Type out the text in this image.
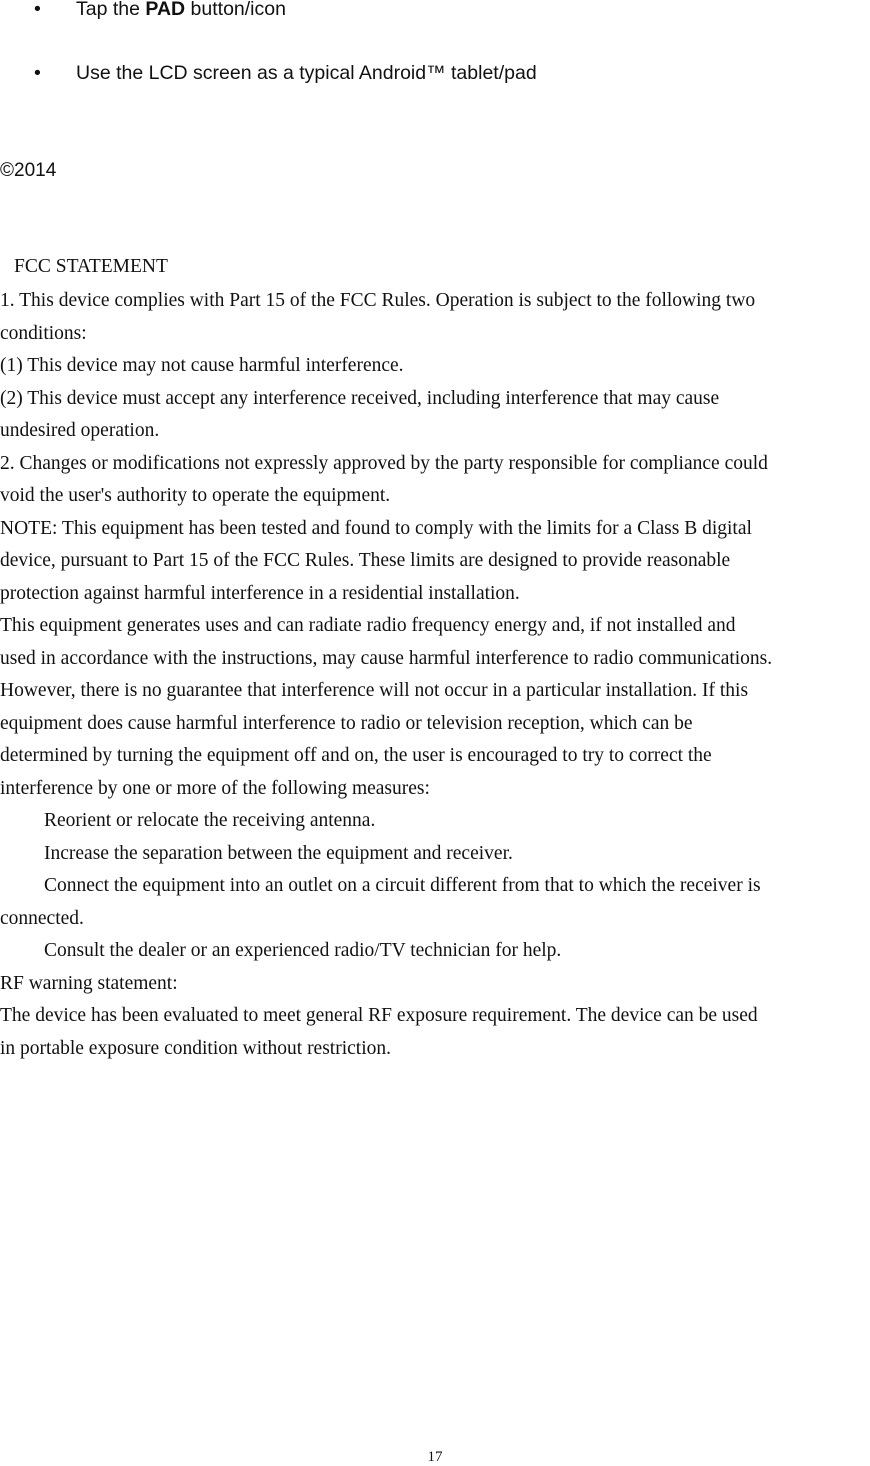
• Tap the PAD button/icon
• Use the LCD screen as a typical Android™ tablet/pad
©2014
FCC STATEMENT
1. This device complies with Part 15 of the FCC Rules. Operation is subject to the following two
conditions:
(1) This device may not cause harmful interference.
(2) This device must accept any interference received, including interference that may cause
undesired operation.
2. Changes or modifications not expressly approved by the party responsible for compliance could
void the user's authority to operate the equipment.
NOTE: This equipment has been tested and found to comply with the limits for a Class B digital
device, pursuant to Part 15 of the FCC Rules. These limits are designed to provide reasonable
protection against harmful interference in a residential installation.
This equipment generates uses and can radiate radio frequency energy and, if not installed and
used in accordance with the instructions, may cause harmful interference to radio communications.
However, there is no guarantee that interference will not occur in a particular installation. If this
equipment does cause harmful interference to radio or television reception, which can be
determined by turning the equipment off and on, the user is encouraged to try to correct the
interference by one or more of the following measures:
Reorient or relocate the receiving antenna.
Increase the separation between the equipment and receiver.
Connect the equipment into an outlet on a circuit different from that to which the receiver is
connected.
Consult the dealer or an experienced radio/TV technician for help.
RF warning statement:
The device has been evaluated to meet general RF exposure requirement. The device can be used
in portable exposure condition without restriction.
17
